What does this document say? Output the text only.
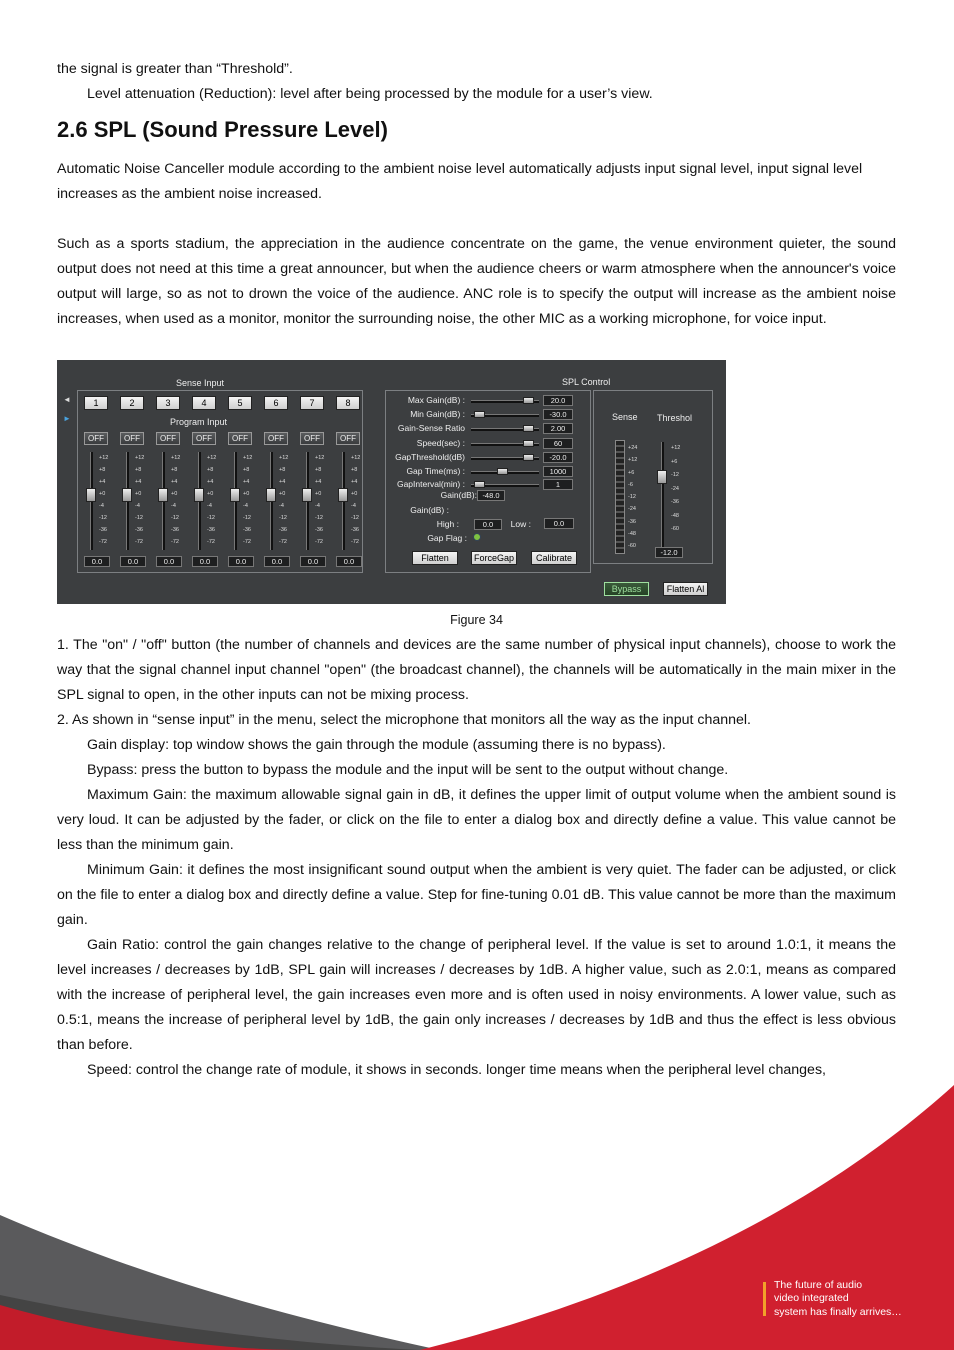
the signal is greater than “Threshold”.

Level attenuation (Reduction): level after being processed by the module for a user’s view.

2.6 SPL (Sound Pressure Level)

Automatic Noise Canceller module according to the ambient noise level automatically adjusts input signal level, input signal level increases as the ambient noise increased.

Such as a sports stadium, the appreciation in the audience concentrate on the game, the venue environment quieter, the sound output does not need at this time a great announcer, but when the audience cheers or warm atmosphere when the announcer's voice output will large, so as not to drown the voice of the audience. ANC role is to specify the output will increase as the ambient noise increases, when used as a monitor, monitor the surrounding noise, the other MIC as a working microphone, for voice input.

◄
►
Sense Input
1	2	3	4	5	6	7	8
Program Input
OFF
+12
+8
+4
+0
-4
-12
-36
-72
0.0
OFF
+12
+8
+4
+0
-4
-12
-36
-72
0.0
OFF
+12
+8
+4
+0
-4
-12
-36
-72
0.0
OFF
+12
+8
+4
+0
-4
-12
-36
-72
0.0
OFF
+12
+8
+4
+0
-4
-12
-36
-72
0.0
OFF
+12
+8
+4
+0
-4
-12
-36
-72
0.0
OFF
+12
+8
+4
+0
-4
-12
-36
-72
0.0
OFF
+12
+8
+4
+0
-4
-12
-36
-72
0.0
SPL Control
Max Gain(dB) :	20.0
Min Gain(dB) :	-30.0
Gain-Sense Ratio	2.00
Speed(sec) :	60
GapThreshold(dB)	-20.0
Gap Time(ms) :	1000
GapInterval(min) :	1
Gain(dB): -48.0
Gain(dB) :
High :	0.0	Low :	0.0
Gap Flag :
Flatten	ForceGap	Calibrate
Sense Threshol
+24
+12
+6
-6
-12
-24
-36
-48
-60
+12
+6
-12
-24
-36
-48
-60
-12.0
Bypass	Flatten Al
Figure 34

1. The "on" / "off" button (the number of channels and devices are the same number of physical input channels), choose to work the way that the signal channel input channel "open" (the broadcast channel), the channels will be automatically in the main mixer in the SPL signal to open, in the other inputs can not be mixing process.

2. As shown in “sense input” in the menu, select the microphone that monitors all the way as the input channel.

Gain display: top window shows the gain through the module (assuming there is no bypass).

Bypass: press the button to bypass the module and the input will be sent to the output without change.

Maximum Gain: the maximum allowable signal gain in dB, it defines the upper limit of output volume when the ambient sound is very loud. It can be adjusted by the fader, or click on the file to enter a dialog box and directly define a value. This value cannot be less than the minimum gain.

Minimum Gain: it defines the most insignificant sound output when the ambient is very quiet. The fader can be adjusted, or click on the file to enter a dialog box and directly define a value. Step for fine-tuning 0.01 dB. This value cannot be more than the maximum gain.

Gain Ratio: control the gain changes relative to the change of peripheral level. If the value is set to around 1.0:1, it means the level increases / decreases by 1dB, SPL gain will increases / decreases by 1dB. A higher value, such as 2.0:1, means as compared with the increase of peripheral level, the gain increases even more and is often used in noisy environments. A lower value, such as 0.5:1, means the increase of peripheral level by 1dB, the gain only increases / decreases by 1dB and thus the effect is less obvious than before.

Speed: control the change rate of module, it shows in seconds. longer time means when the peripheral level changes,

The future of audio
video integrated
system has finally arrives…
